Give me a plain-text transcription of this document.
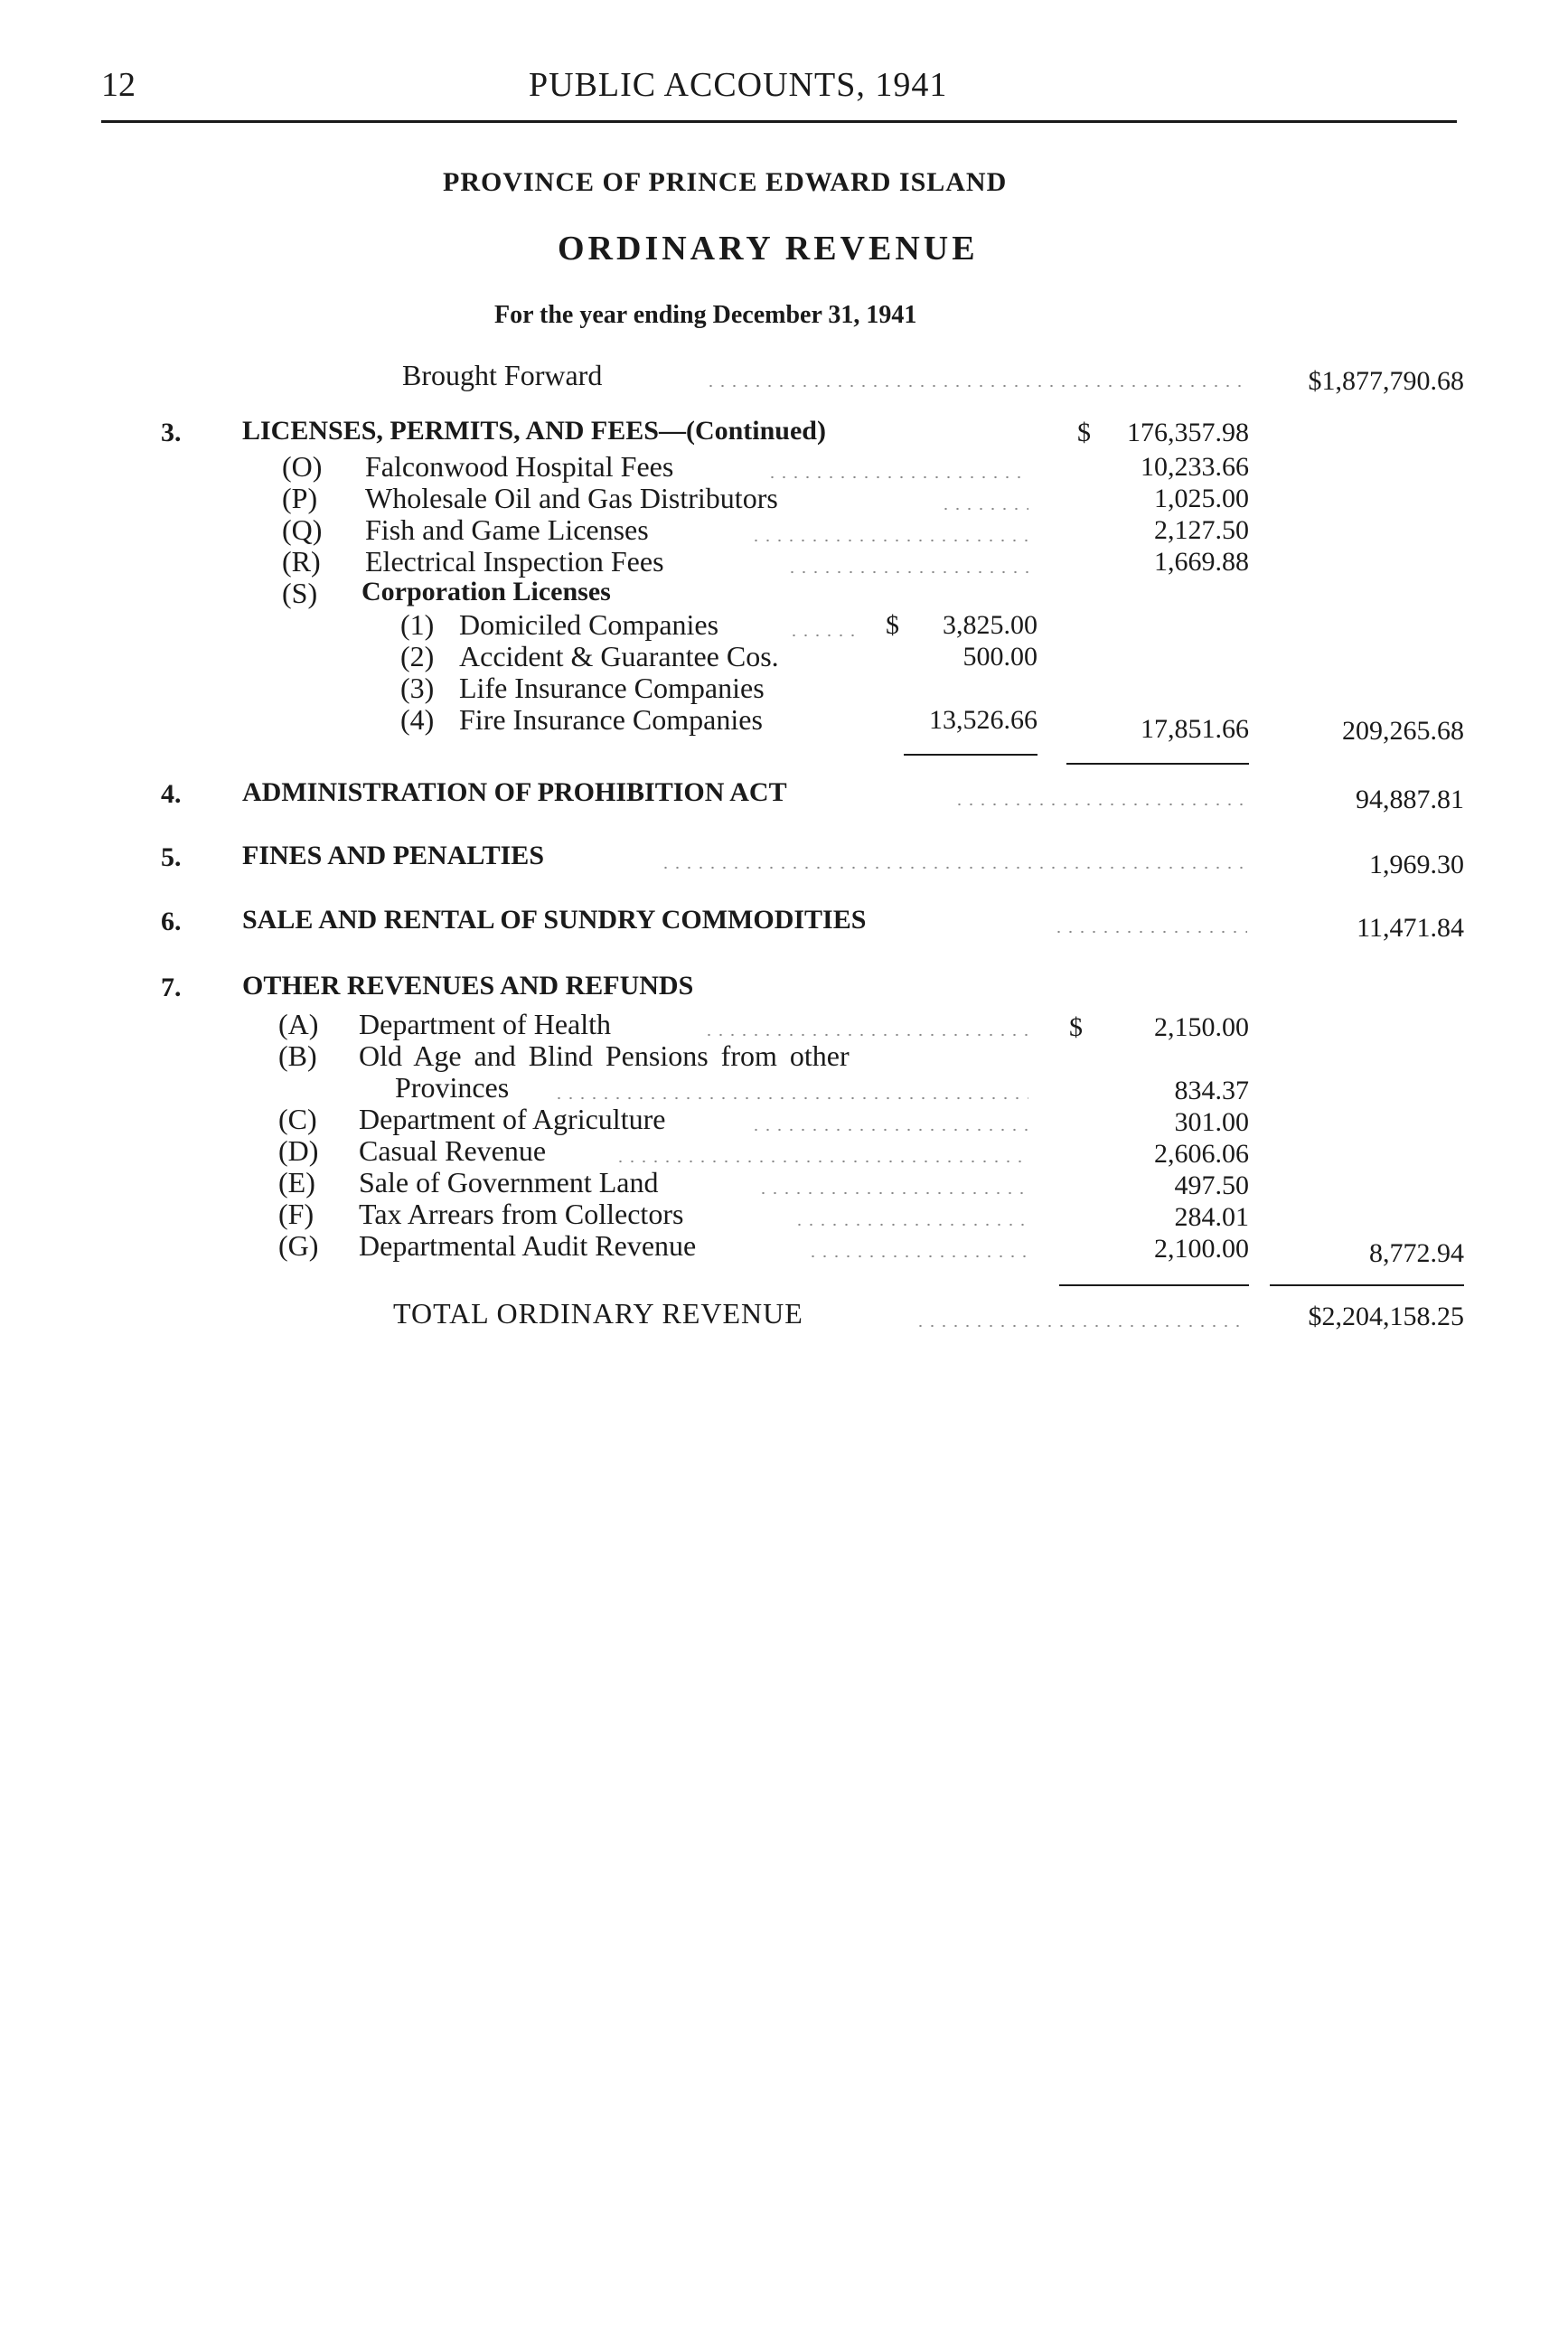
12	PUBLIC ACCOUNTS, 1941
PROVINCE OF PRINCE EDWARD ISLAND
ORDINARY REVENUE
For the year ending December 31, 1941
Brought Forward	$1,877,790.68
3. LICENSES, PERMITS, AND FEES—(Continued)	$	176,357.98
(O) Falconwood Hospital Fees	10,233.66
(P) Wholesale Oil and Gas Distributors	1,025.00
(Q) Fish and Game Licenses	2,127.50
(R) Electrical Inspection Fees	1,669.88
(S) Corporation Licenses
(1) Domiciled Companies	$	3,825.00
(2) Accident & Guarantee Cos.	500.00
(3) Life Insurance Companies
(4) Fire Insurance Companies	13,526.66	17,851.66	209,265.68
4. ADMINISTRATION OF PROHIBITION ACT	94,887.81
5. FINES AND PENALTIES	1,969.30
6. SALE AND RENTAL OF SUNDRY COMMODITIES	11,471.84
7. OTHER REVENUES AND REFUNDS
(A) Department of Health	$	2,150.00
(B) Old Age and Blind Pensions from other
Provinces	834.37
(C) Department of Agriculture	301.00
(D) Casual Revenue	2,606.06
(E) Sale of Government Land	497.50
(F) Tax Arrears from Collectors	284.01
(G) Departmental Audit Revenue	2,100.00	8,772.94
TOTAL ORDINARY REVENUE	$2,204,158.25
